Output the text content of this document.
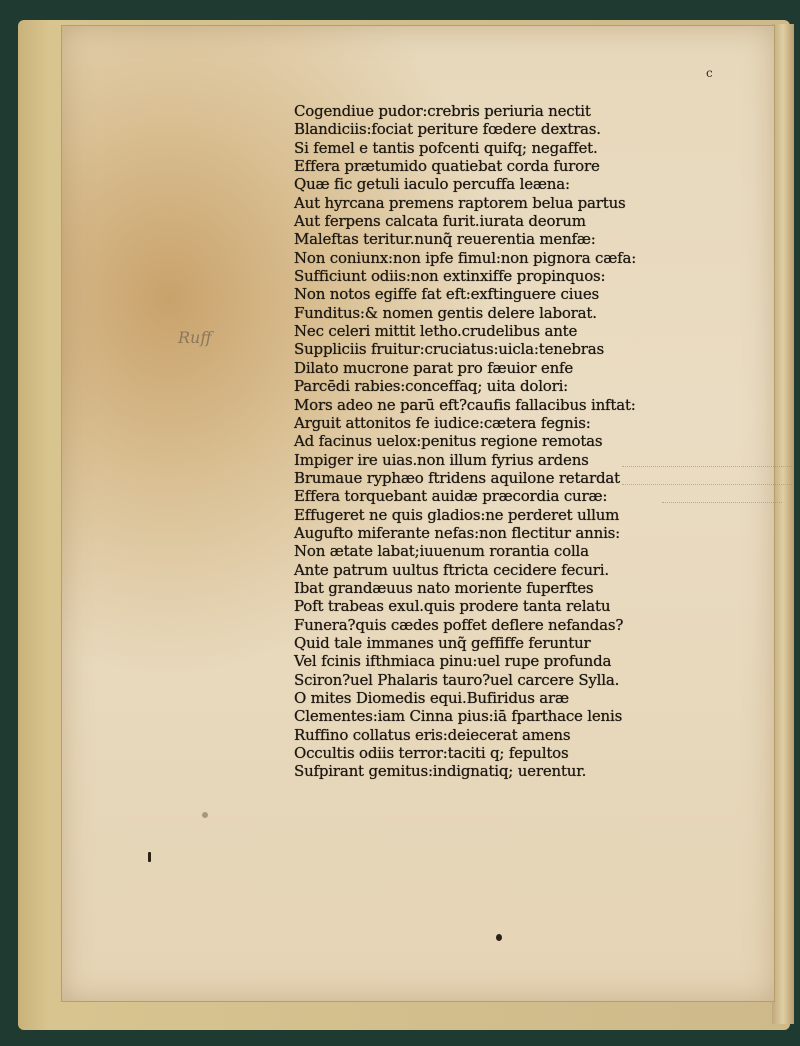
c
Ruff
Cogendiue pudor:crebris periuria nectit
Blandiciis:fociat periture fœdere dextras.
Si femel e tantis pofcenti quifq; negaffet.
Effera prætumido quatiebat corda furore
Quæ fic getuli iaculo percuffa leæna:
Aut hyrcana premens raptorem belua partus
Aut ferpens calcata furit.iurata deorum
Maleftas teritur.nunq̃ reuerentia menfæ:
Non coniunx:non ipfe fimul:non pignora cæfa:
Sufficiunt odiis:non extinxiffe propinquos:
Non notos egiffe fat eft:exftinguere ciues
Funditus:& nomen gentis delere laborat.
Nec celeri mittit letho.crudelibus ante
Suppliciis fruitur:cruciatus:uicla:tenebras
Dilato mucrone parat pro fæuior enfe
Parcēdi rabies:conceffaq; uita dolori:
Mors adeo ne parū eft?caufis fallacibus inftat:
Arguit attonitos fe iudice:cætera fegnis:
Ad facinus uelox:penitus regione remotas
Impiger ire uias.non illum fyrius ardens
Brumaue ryphæo ftridens aquilone retardat
Effera torquebant auidæ præcordia curæ:
Effugeret ne quis gladios:ne perderet ullum
Augufto miferante nefas:non flectitur annis:
Non ætate labat;iuuenum rorantia colla
Ante patrum uultus ftricta cecidere fecuri.
Ibat grandæuus nato moriente fuperftes
Poft trabeas exul.quis prodere tanta relatu
Funera?quis cædes poffet deflere nefandas?
Quid tale immanes unq̃ geffiffe feruntur
Vel fcinis ifthmiaca pinu:uel rupe profunda
Sciron?uel Phalaris tauro?uel carcere Sylla.
O mites Diomedis equi.Bufiridus aræ
Clementes:iam Cinna pius:iā fparthace lenis
Ruffino collatus eris:deiecerat amens
Occultis odiis terror:taciti q; fepultos
Sufpirant gemitus:indignatiq; uerentur.
